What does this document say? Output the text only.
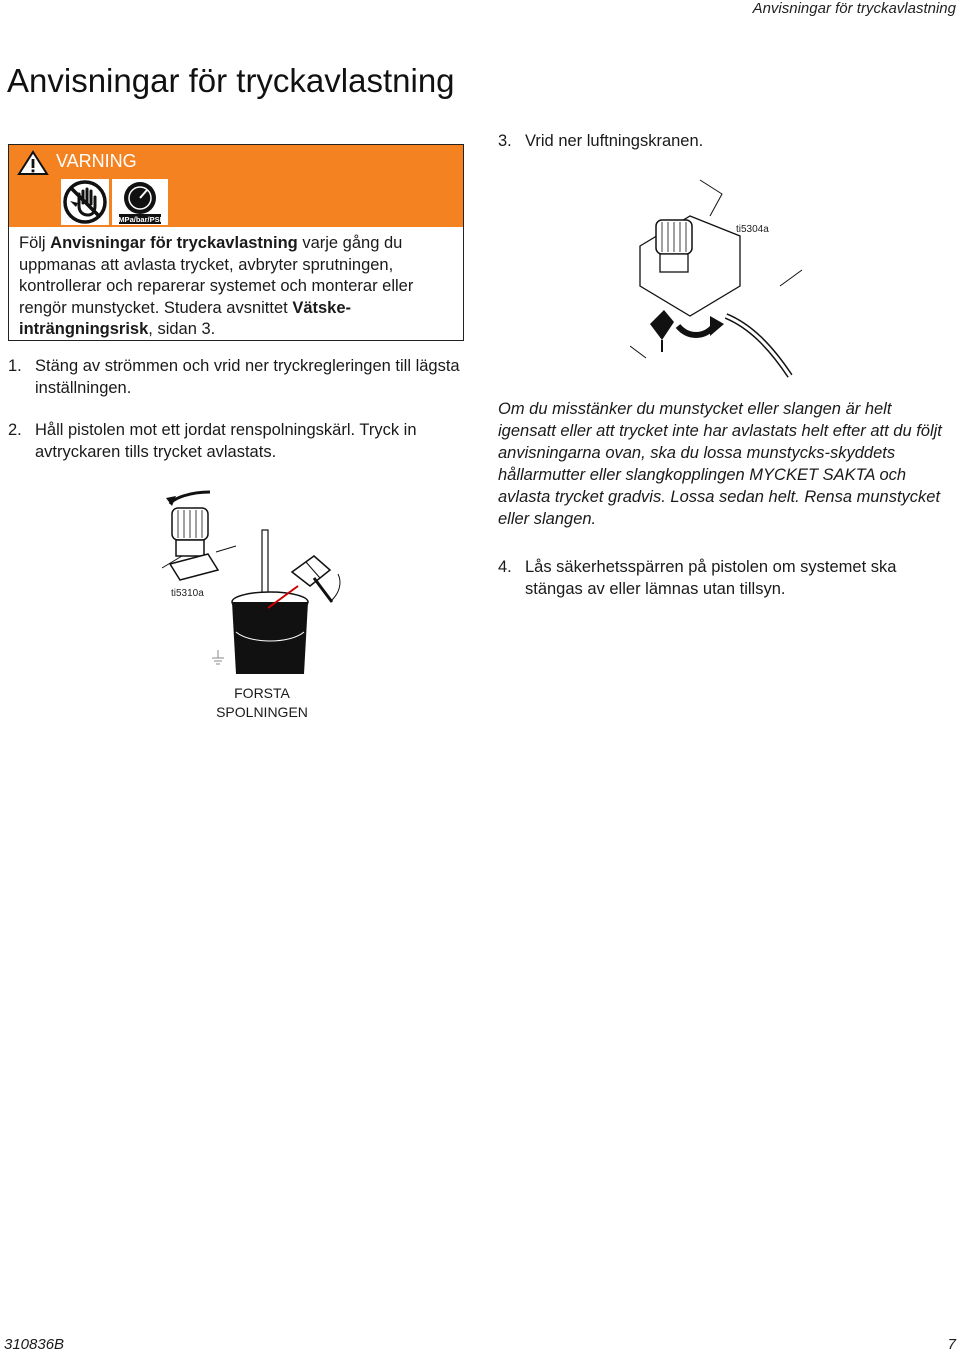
Anvisningar för tryckavlastning
Anvisningar för tryckavlastning
VARNING
MPa/bar/PSI
Följ Anvisningar för tryckavlastning varje gång du uppmanas att avlasta trycket, avbryter sprutningen, kontrollerar och reparerar systemet och monterar eller rengör munstycket. Studera avsnittet Vätske-inträngningsrisk, sidan 3.
1. Stäng av strömmen och vrid ner tryckregleringen till lägsta inställningen.
2. Håll pistolen mot ett jordat renspolningskärl. Tryck in avtryckaren tills trycket avlastats.
ti5310a
FORSTA SPOLNINGEN
3. Vrid ner luftningskranen.
ti5304a
Om du misstänker du munstycket eller slangen är helt igensatt eller att trycket inte har avlastats helt efter att du följt anvisningarna ovan, ska du lossa munstycks-skyddets hållarmutter eller slangkopplingen MYCKET SAKTA och avlasta trycket gradvis. Lossa sedan helt. Rensa munstycket eller slangen.
4. Lås säkerhetsspärren på pistolen om systemet ska stängas av eller lämnas utan tillsyn.
310836B	7
